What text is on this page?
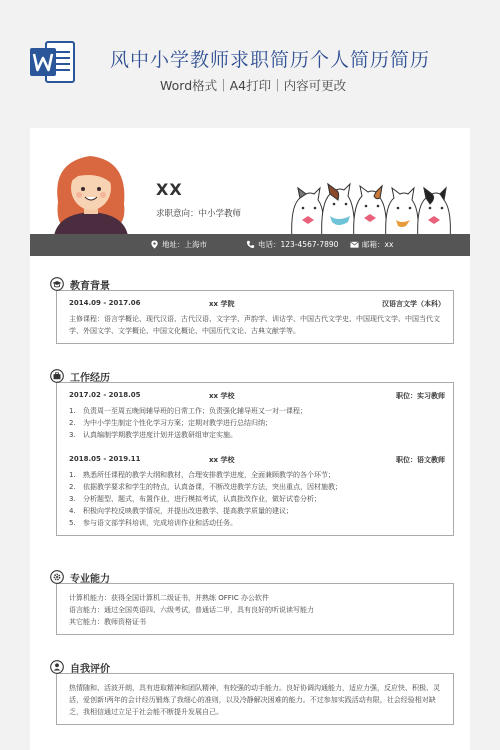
风中小学教师求职简历个人简历简历
Word格式｜A4打印｜内容可更改
XX
求职意向：中小学教师
地址：上海市	电话：123-4567-7890	邮箱：xx
教育背景
2014.09 - 2017.06	xx 学院	汉语言文学（本科）
主修课程：语言学概论、现代汉语、古代汉语、文字学、声韵学、训诂学、中国古代文学史、中国现代文学、中国当代文学、外国文学、文学概论、中国文化概论、中国历代文论、古典文献学等。
工作经历
2017.02 - 2018.05	xx 学校	职位：实习教师
1.	负责周一至周五晚间辅导班的日常工作；负责强化辅导班又一对一课程；
2.	为中小学生制定个性化学习方案；定期对教学进行总结归纳；
3.	认真编制学期教学进度计划并送教研组审定实施。
2018.05 - 2019.11	xx 学校	职位：语文教师
1.	熟悉所任课程的教学大纲和教材，合理安排教学进度，全面兼顾教学的各个环节；
2.	依据教学要求和学生的特点，认真备课，不断改进教学方法，突出重点，因材施教；
3.	分析题型、题式，布置作业，进行模拟考试，认真批改作业，做好试卷分析；
4.	积极向学校反映教学情况，并提出改进教学、提高教学质量的建议；
5.	参与语文部学科培训，完成培训作业和活动任务。
专业能力
计算机能力：获得全国计算机二级证书，并熟练 OFFIC 办公软件
语言能力：通过全国英语四、六级考试，普通话二甲，具有良好的听说读写能力
其它能力：教师资格证书
自我评价
热情随和、活波开朗，具有进取精神和团队精神，有较强的动手能力。良好协调沟通能力，适应力强，反应快、积极、灵活，爱创新!两年的会计经历锻炼了我细心的准则，以及冷静解决困难的能力。不过参加实践活动有限，社会经验相对缺乏，我相信通过立足于社会能不断提升发展自己。
